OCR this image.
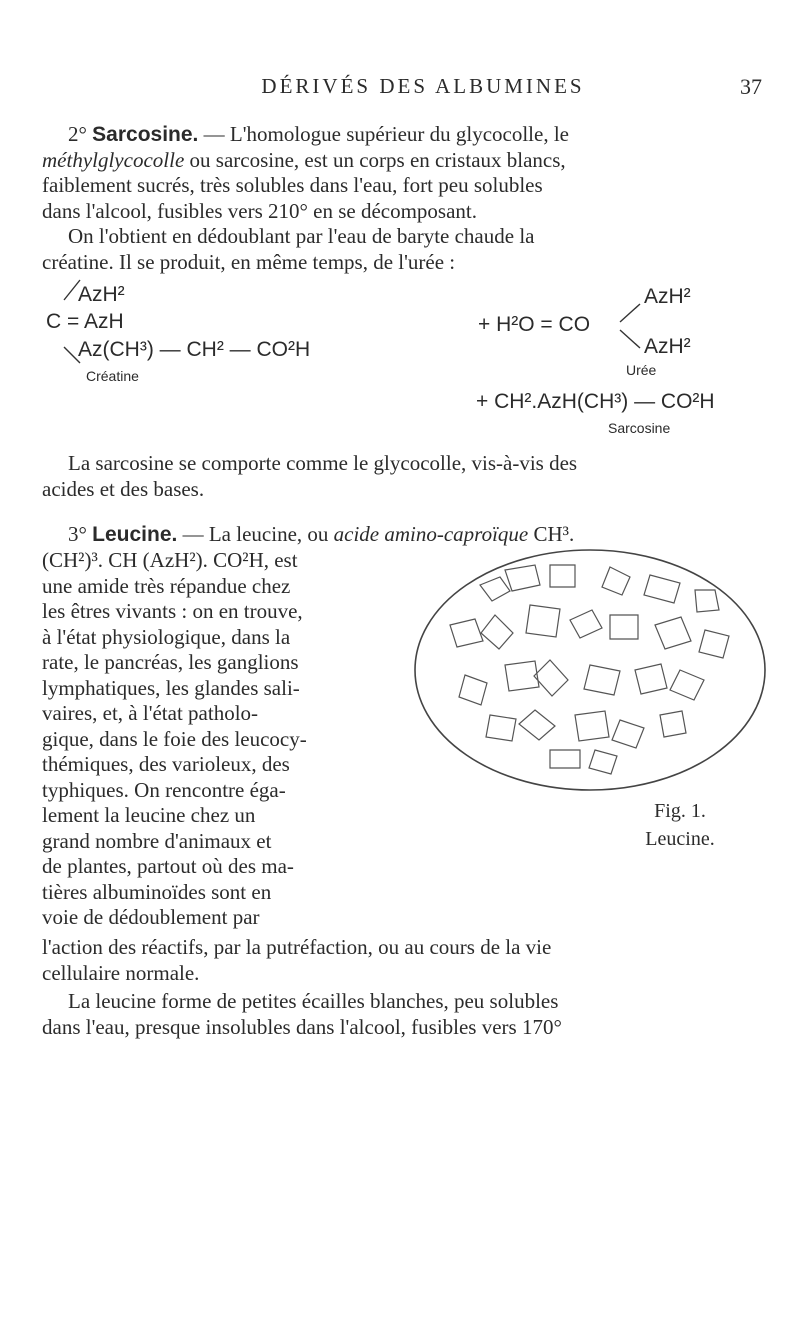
DÉRIVÉS DES ALBUMINES	37
2° Sarcosine. — L'homologue supérieur du glycocolle, le
méthylglycocolle ou sarcosine, est un corps en cristaux blancs,
faiblement sucrés, très solubles dans l'eau, fort peu solubles
dans l'alcool, fusibles vers 210° en se décomposant.
On l'obtient en dédoublant par l'eau de baryte chaude la
créatine. Il se produit, en même temps, de l'urée :
AzH²
C = AzH
Az(CH³) — CH² — CO²H
Créatine
+ H²O = CO
AzH²
AzH²
Urée
+ CH².AzH(CH³) — CO²H
Sarcosine
La sarcosine se comporte comme le glycocolle, vis-à-vis des
acides et des bases.
3° Leucine. — La leucine, ou acide amino-caproïque CH³.
(CH²)³. CH (AzH²). CO²H, est
une amide très répandue chez
les êtres vivants : on en trouve,
à l'état physiologique, dans la
rate, le pancréas, les ganglions
lymphatiques, les glandes sali-
vaires, et, à l'état patholo-
gique, dans le foie des leucocy-
thémiques, des varioleux, des
typhiques. On rencontre éga-
lement la leucine chez un
grand nombre d'animaux et
de plantes, partout où des ma-
tières albuminoïdes sont en
voie de dédoublement par
Fig. 1.
Leucine.
l'action des réactifs, par la putréfaction, ou au cours de la vie
cellulaire normale.
La leucine forme de petites écailles blanches, peu solubles
dans l'eau, presque insolubles dans l'alcool, fusibles vers 170°
